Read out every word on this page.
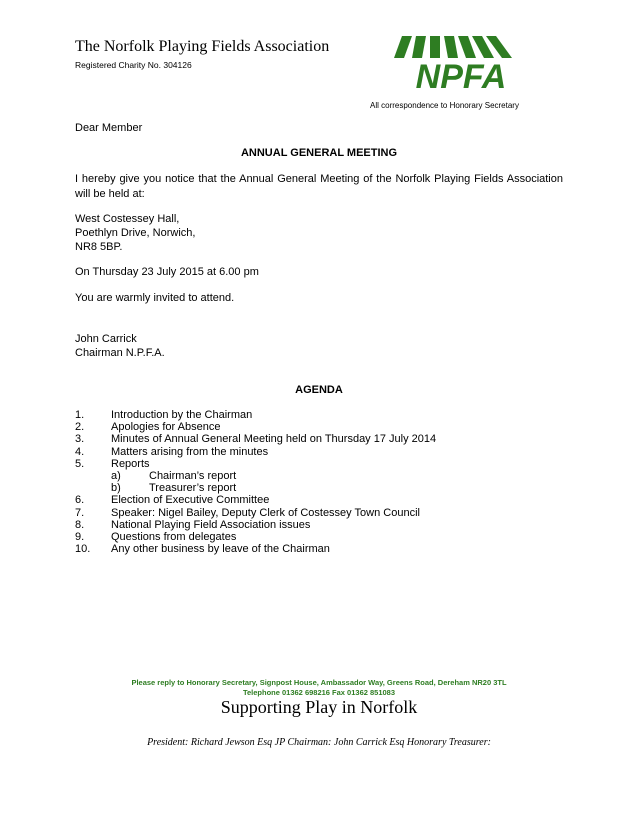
The Norfolk Playing Fields Association
Registered Charity No. 304126	NPFA
All correspondence to Honorary Secretary
Dear Member
ANNUAL GENERAL MEETING
I hereby give you notice that the Annual General Meeting of the Norfolk Playing Fields Association will be held at:
West Costessey Hall,
Poethlyn Drive, Norwich,
NR8 5BP.
On Thursday 23 July 2015 at 6.00 pm
You are warmly invited to attend.
John Carrick
Chairman N.P.F.A.
AGENDA
1. Introduction by the Chairman
2. Apologies for Absence
3. Minutes of Annual General Meeting held on Thursday 17 July 2014
4. Matters arising from the minutes
5. Reports
a)	Chairman’s report
b)	Treasurer’s report
6. Election of Executive Committee
7. Speaker: Nigel Bailey, Deputy Clerk of Costessey Town Council
8. National Playing Field Association issues
9. Questions from delegates
10. Any other business by leave of the Chairman
Please reply to Honorary Secretary, Signpost House, Ambassador Way, Greens Road, Dereham NR20 3TL
Telephone 01362 698216 Fax 01362 851083
Supporting Play in Norfolk
President: Richard Jewson Esq JP Chairman: John Carrick Esq Honorary Treasurer:
